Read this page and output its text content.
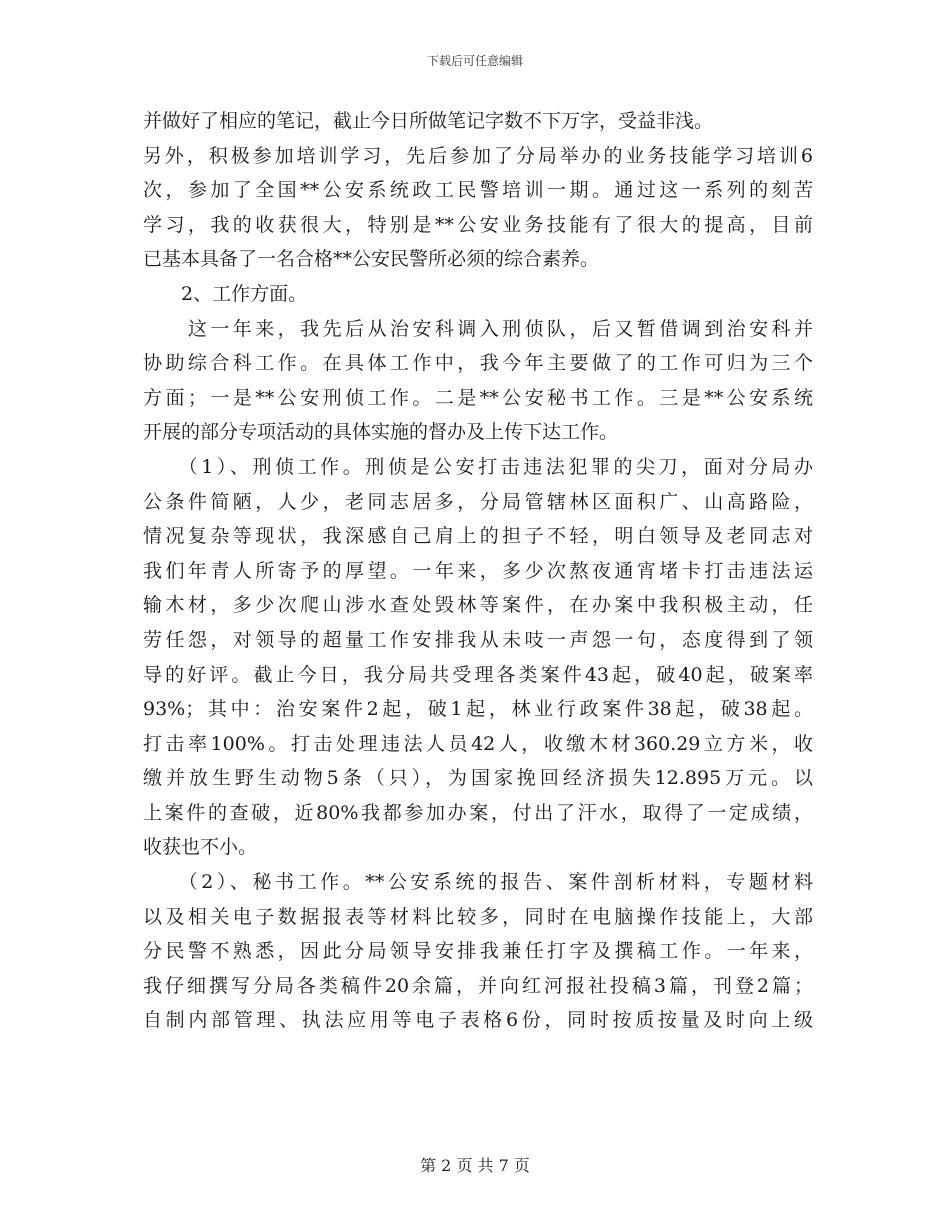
下载后可任意编辑
并做好了相应的笔记，截止今日所做笔记字数不下万字，受益非浅。
另外，积极参加培训学习，先后参加了分局举办的业务技能学习培训6
次，参加了全国**公安系统政工民警培训一期。通过这一系列的刻苦
学习，我的收获很大，特别是**公安业务技能有了很大的提高，目前
已基本具备了一名合格**公安民警所必须的综合素养。
　　2、工作方面。
　　这一年来，我先后从治安科调入刑侦队，后又暂借调到治安科并
协助综合科工作。在具体工作中，我今年主要做了的工作可归为三个
方面；一是**公安刑侦工作。二是**公安秘书工作。三是**公安系统
开展的部分专项活动的具体实施的督办及上传下达工作。
　　（1）、刑侦工作。刑侦是公安打击违法犯罪的尖刀，面对分局办
公条件简陋，人少，老同志居多，分局管辖林区面积广、山高路险，
情况复杂等现状，我深感自己肩上的担子不轻，明白领导及老同志对
我们年青人所寄予的厚望。一年来，多少次熬夜通宵堵卡打击违法运
输木材，多少次爬山涉水查处毁林等案件，在办案中我积极主动，任
劳任怨，对领导的超量工作安排我从未吱一声怨一句，态度得到了领
导的好评。截止今日，我分局共受理各类案件43起，破40起，破案率
93%；其中：治安案件2起，破1起，林业行政案件38起，破38起。
打击率100%。打击处理违法人员42人，收缴木材360.29立方米，收
缴并放生野生动物5条（只），为国家挽回经济损失12.895万元。以
上案件的查破，近80%我都参加办案，付出了汗水，取得了一定成绩，
收获也不小。
　　（2）、秘书工作。**公安系统的报告、案件剖析材料，专题材料
以及相关电子数据报表等材料比较多，同时在电脑操作技能上，大部
分民警不熟悉，因此分局领导安排我兼任打字及撰稿工作。一年来，
我仔细撰写分局各类稿件20余篇，并向红河报社投稿3篇，刊登2篇；
自制内部管理、执法应用等电子表格6份，同时按质按量及时向上级
第 2 页 共 7 页
